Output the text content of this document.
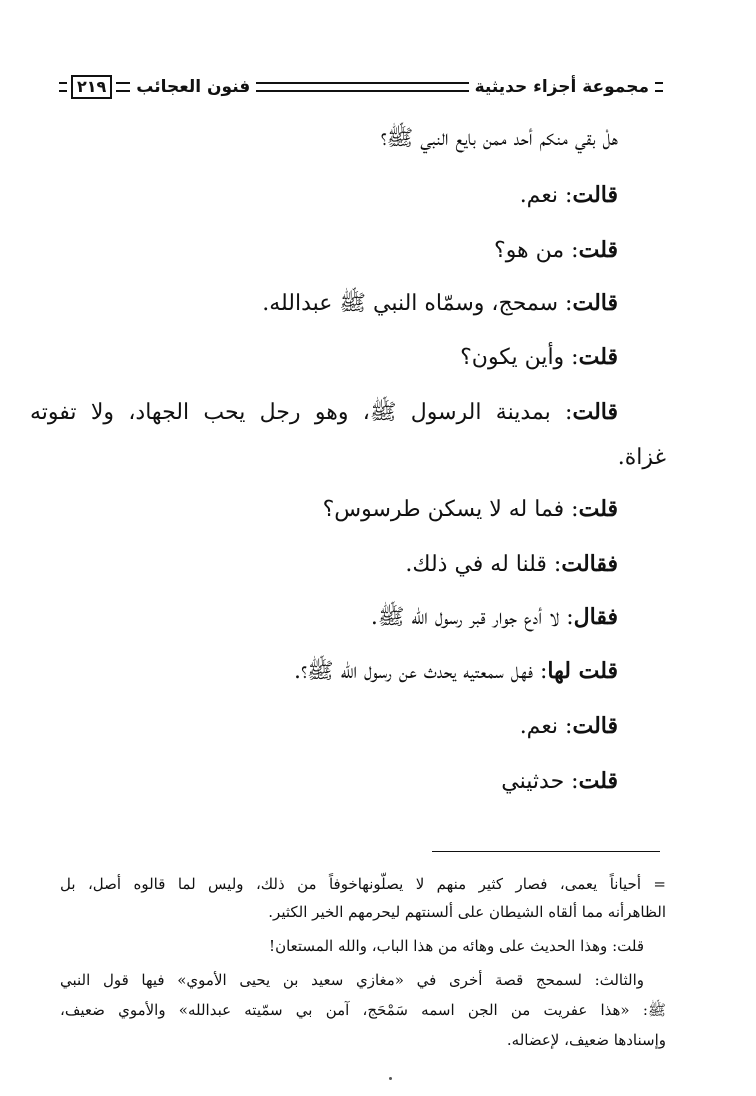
مجموعة أجزاء حديثية
فنون العجائب
٢١٩
هلْ بقي منكم أحد ممن بايع النبي ﷺ؟
قالت: نعم.
قلت: من هو؟
قالت: سمحج، وسمّاه النبي ﷺ عبدالله.
قلت: وأين يكون؟
قالت: بمدينة الرسول ﷺ، وهو رجل يحب الجهاد، ولا تفوته
غزاة.
قلت: فما له لا يسكن طرسوس؟
فقالت: قلنا له في ذلك.
فقال: لا أدع جوار قبر رسول الله ﷺ.
قلت لها: فهل سمعتيه يحدث عن رسول الله ﷺ؟.
قالت: نعم.
قلت: حدثيني
= أحياناً يعمى، فصار كثير منهم لا يصلّونهاخوفاً من ذلك، وليس لما قالوه أصل، بل
الظاهرأنه مما ألقاه الشيطان على ألسنتهم ليحرمهم الخير الكثير.
قلت: وهذا الحديث على وهائه من هذا الباب، والله المستعان!
والثالث: لسمحج قصة أخرى في «مغازي سعيد بن يحيى الأموي» فيها قول النبي
ﷺ: «هذا عفريت من الجن اسمه سَمْحَج، آمن بي سمّيته عبدالله» والأموي ضعيف،
وإسنادها ضعيف، لإعضاله.
